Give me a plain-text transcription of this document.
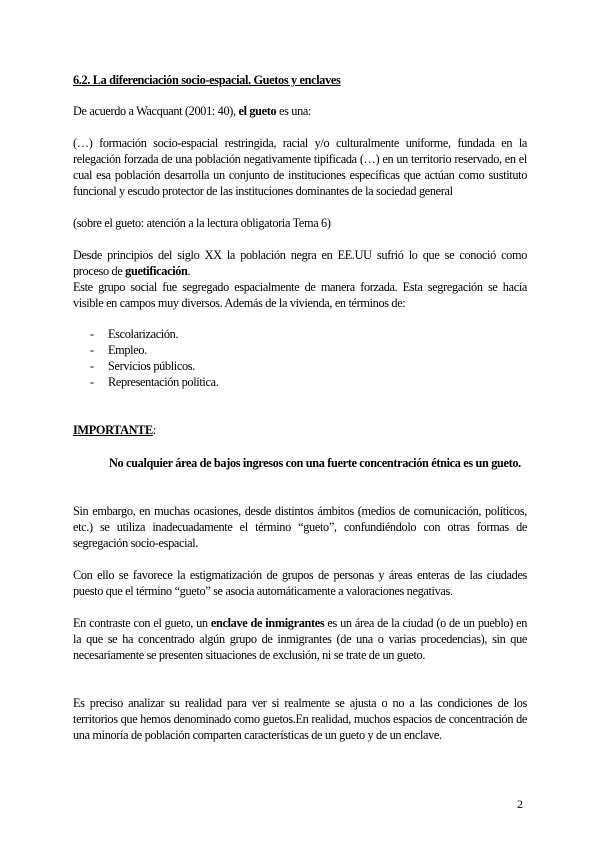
6.2. La diferenciación socio-espacial. Guetos y enclaves
De acuerdo a Wacquant (2001: 40), el gueto es una:

(…) formación socio-espacial restringida, racial y/o culturalmente uniforme, fundada en la relegación forzada de una población negativamente tipificada (…) en un territorio reservado, en el cual esa población desarrolla un conjunto de instituciones específicas que actúan como sustituto funcional y escudo protector de las instituciones dominantes de la sociedad general

(sobre el gueto: atención a la lectura obligatoria Tema 6)

Desde principios del siglo XX la población negra en EE.UU sufrió lo que se conoció como proceso de guetificación.

Este grupo social fue segregado espacialmente de manera forzada. Esta segregación se hacía visible en campos muy diversos. Además de la vivienda, en términos de:

- Escolarización.
- Empleo.
- Servicios públicos.
- Representación política.
IMPORTANTE:

No cualquier área de bajos ingresos con una fuerte concentración étnica es un gueto.

Sin embargo, en muchas ocasiones, desde distintos ámbitos (medios de comunicación, políticos, etc.) se utiliza inadecuadamente el término “gueto”, confundiéndolo con otras formas de segregación socio-espacial.

Con ello se favorece la estigmatización de grupos de personas y áreas enteras de las ciudades puesto que el término “gueto” se asocia automáticamente a valoraciones negativas.

En contraste con el gueto, un enclave de inmigrantes es un área de la ciudad (o de un pueblo) en la que se ha concentrado algún grupo de inmigrantes (de una o varias procedencias), sin que necesariamente se presenten situaciones de exclusión, ni se trate de un gueto.

Es preciso analizar su realidad para ver si realmente se ajusta o no a las condiciones de los territorios que hemos denominado como guetos.En realidad, muchos espacios de concentración de una minoría de población comparten características de un gueto y de un enclave.

2
